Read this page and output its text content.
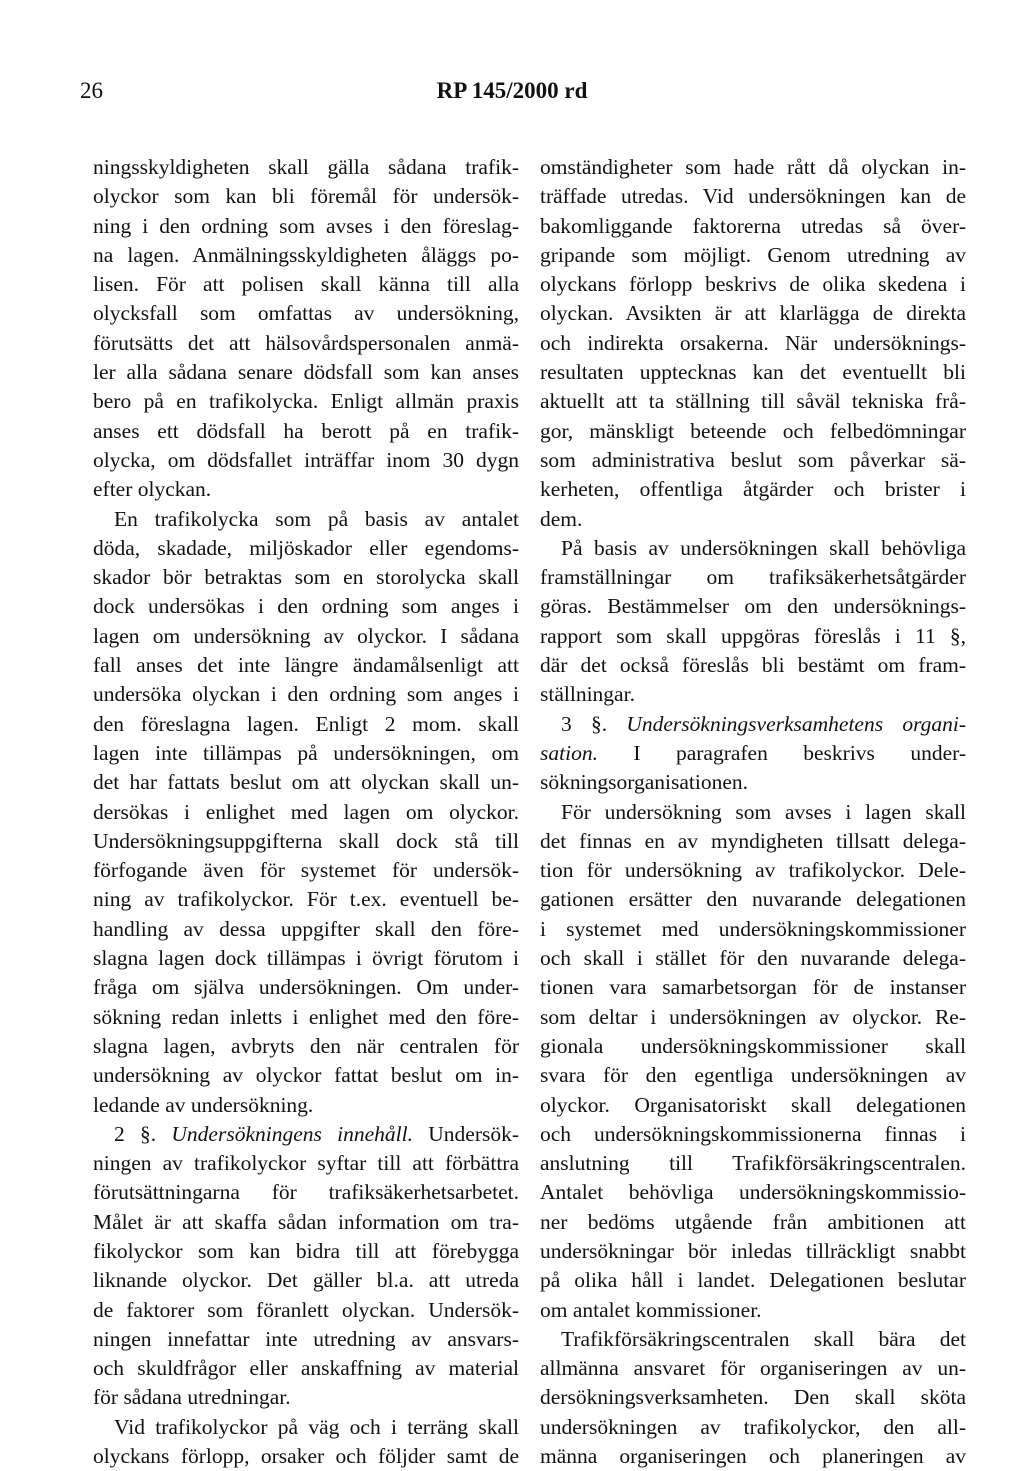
26	RP 145/2000 rd
ningsskyldigheten skall gälla sådana trafik-
olyckor som kan bli föremål för undersök-
ning i den ordning som avses i den föreslag-
na lagen. Anmälningsskyldigheten åläggs po-
lisen. För att polisen skall känna till alla
olycksfall som omfattas av undersökning,
förutsätts det att hälsovårdspersonalen anmä-
ler alla sådana senare dödsfall som kan anses
bero på en trafikolycka. Enligt allmän praxis
anses ett dödsfall ha berott på en trafik-
olycka, om dödsfallet inträffar inom 30 dygn
efter olyckan.
En trafikolycka som på basis av antalet
döda, skadade, miljöskador eller egendoms-
skador bör betraktas som en storolycka skall
dock undersökas i den ordning som anges i
lagen om undersökning av olyckor. I sådana
fall anses det inte längre ändamålsenligt att
undersöka olyckan i den ordning som anges i
den föreslagna lagen. Enligt 2 mom. skall
lagen inte tillämpas på undersökningen, om
det har fattats beslut om att olyckan skall un-
dersökas i enlighet med lagen om olyckor.
Undersökningsuppgifterna skall dock stå till
förfogande även för systemet för undersök-
ning av trafikolyckor. För t.ex. eventuell be-
handling av dessa uppgifter skall den före-
slagna lagen dock tillämpas i övrigt förutom i
fråga om själva undersökningen. Om under-
sökning redan inletts i enlighet med den före-
slagna lagen, avbryts den när centralen för
undersökning av olyckor fattat beslut om in-
ledande av undersökning.
2 §. Undersökningens innehåll. Undersök-
ningen av trafikolyckor syftar till att förbättra
förutsättningarna för trafiksäkerhetsarbetet.
Målet är att skaffa sådan information om tra-
fikolyckor som kan bidra till att förebygga
liknande olyckor. Det gäller bl.a. att utreda
de faktorer som föranlett olyckan. Undersök-
ningen innefattar inte utredning av ansvars-
och skuldfrågor eller anskaffning av material
för sådana utredningar.
Vid trafikolyckor på väg och i terräng skall
olyckans förlopp, orsaker och följder samt de
omständigheter som hade rått då olyckan in-
träffade utredas. Vid undersökningen kan de
bakomliggande faktorerna utredas så över-
gripande som möjligt. Genom utredning av
olyckans förlopp beskrivs de olika skedena i
olyckan. Avsikten är att klarlägga de direkta
och indirekta orsakerna. När undersöknings-
resultaten upptecknas kan det eventuellt bli
aktuellt att ta ställning till såväl tekniska frå-
gor, mänskligt beteende och felbedömningar
som administrativa beslut som påverkar sä-
kerheten, offentliga åtgärder och brister i
dem.
På basis av undersökningen skall behövliga
framställningar om trafiksäkerhetsåtgärder
göras. Bestämmelser om den undersöknings-
rapport som skall uppgöras föreslås i 11 §,
där det också föreslås bli bestämt om fram-
ställningar.
3 §. Undersökningsverksamhetens organi-
sation. I paragrafen beskrivs under-
sökningsorganisationen.
För undersökning som avses i lagen skall
det finnas en av myndigheten tillsatt delega-
tion för undersökning av trafikolyckor. Dele-
gationen ersätter den nuvarande delegationen
i systemet med undersökningskommissioner
och skall i stället för den nuvarande delega-
tionen vara samarbetsorgan för de instanser
som deltar i undersökningen av olyckor. Re-
gionala undersökningskommissioner skall
svara för den egentliga undersökningen av
olyckor. Organisatoriskt skall delegationen
och undersökningskommissionerna finnas i
anslutning till Trafikförsäkringscentralen.
Antalet behövliga undersökningskommissio-
ner bedöms utgående från ambitionen att
undersökningar bör inledas tillräckligt snabbt
på olika håll i landet. Delegationen beslutar
om antalet kommissioner.
Trafikförsäkringscentralen skall bära det
allmänna ansvaret för organiseringen av un-
dersökningsverksamheten. Den skall sköta
undersökningen av trafikolyckor, den all-
männa organiseringen och planeringen av
